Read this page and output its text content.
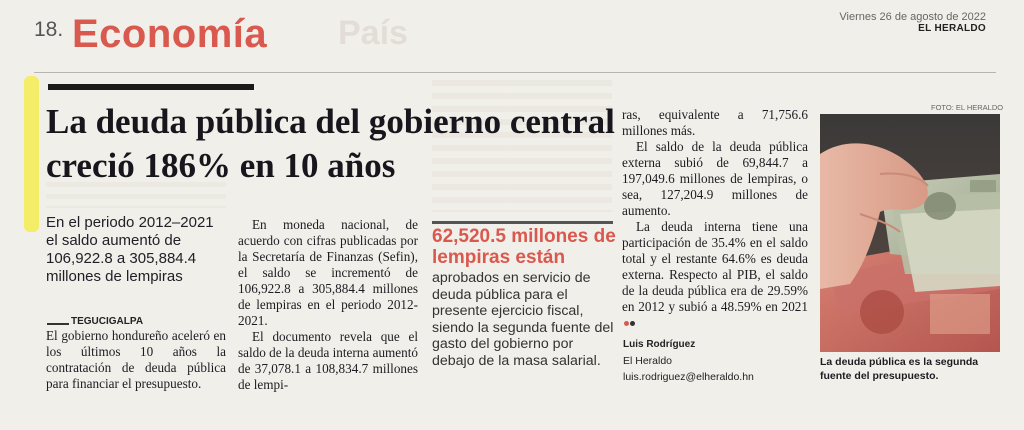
18. Economía País	Viernes 26 de agosto de 2022
EL HERALDO
La deuda pública del gobierno central creció 186% en 10 años
En el periodo 2012–2021 el saldo aumentó de 106,922.8 a 305,884.4 millones de lempiras
TEGUCIGALPA

El gobierno hondureño aceleró en los últimos 10 años la contratación de deuda pública para financiar el presupuesto.

En moneda nacional, de acuerdo con cifras publicadas por la Secretaría de Finanzas (Sefin), el saldo se incrementó de 106,922.8 a 305,884.4 millones de lempiras en el periodo 2012-2021.

El documento revela que el saldo de la deuda interna aumentó de 37,078.1 a 108,834.7 millones de lempi-

62,520.5 millones de lempiras están
aprobados en servicio de deuda pública para el presente ejercicio fiscal, siendo la segunda fuente del gasto del gobierno por debajo de la masa salarial.

ras, equivalente a 71,756.6 millones más.

El saldo de la deuda pública externa subió de 69,844.7 a 197,049.6 millones de lempiras, o sea, 127,204.9 millones de aumento.

La deuda interna tiene una participación de 35.4% en el saldo total y el restante 64.6% es deuda externa. Respecto al PIB, el saldo de la deuda pública era de 29.59% en 2012 y subió a 48.59% en 2021

Luis Rodríguez
El Heraldo
luis.rodriguez@elheraldo.hn
FOTO: EL HERALDO
La deuda pública es la segunda fuente del presupuesto.
